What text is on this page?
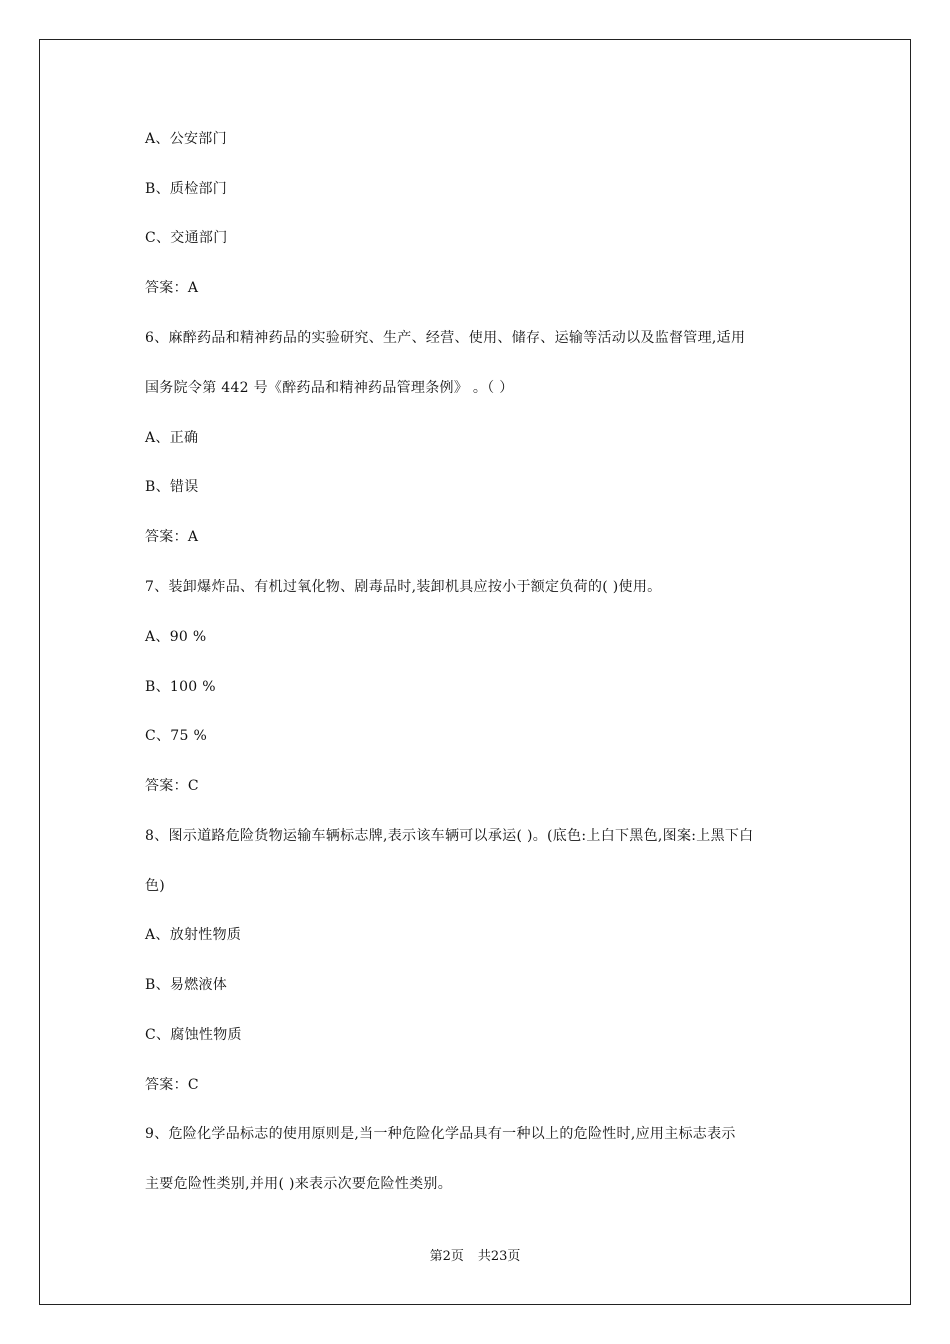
A、公安部门
B、质检部门
C、交通部门
答案：A
6、麻醉药品和精神药品的实验研究、生产、经营、使用、储存、运输等活动以及监督管理,适用
国务院令第 442 号《醉药品和精神药品管理条例》 。（ ）
A、正确
B、错误
答案：A
7、装卸爆炸品、有机过氧化物、剧毒品时,装卸机具应按小于额定负荷的( )使用。
A、90 %
B、100 %
C、75 %
答案：C
8、图示道路危险货物运输车辆标志牌,表示该车辆可以承运( )。(底色:上白下黑色,图案:上黑下白
色)
A、放射性物质
B、易燃液体
C、腐蚀性物质
答案：C
9、危险化学品标志的使用原则是,当一种危险化学品具有一种以上的危险性时,应用主标志表示
主要危险性类别,并用( )来表示次要危险性类别。
第2页 共23页
